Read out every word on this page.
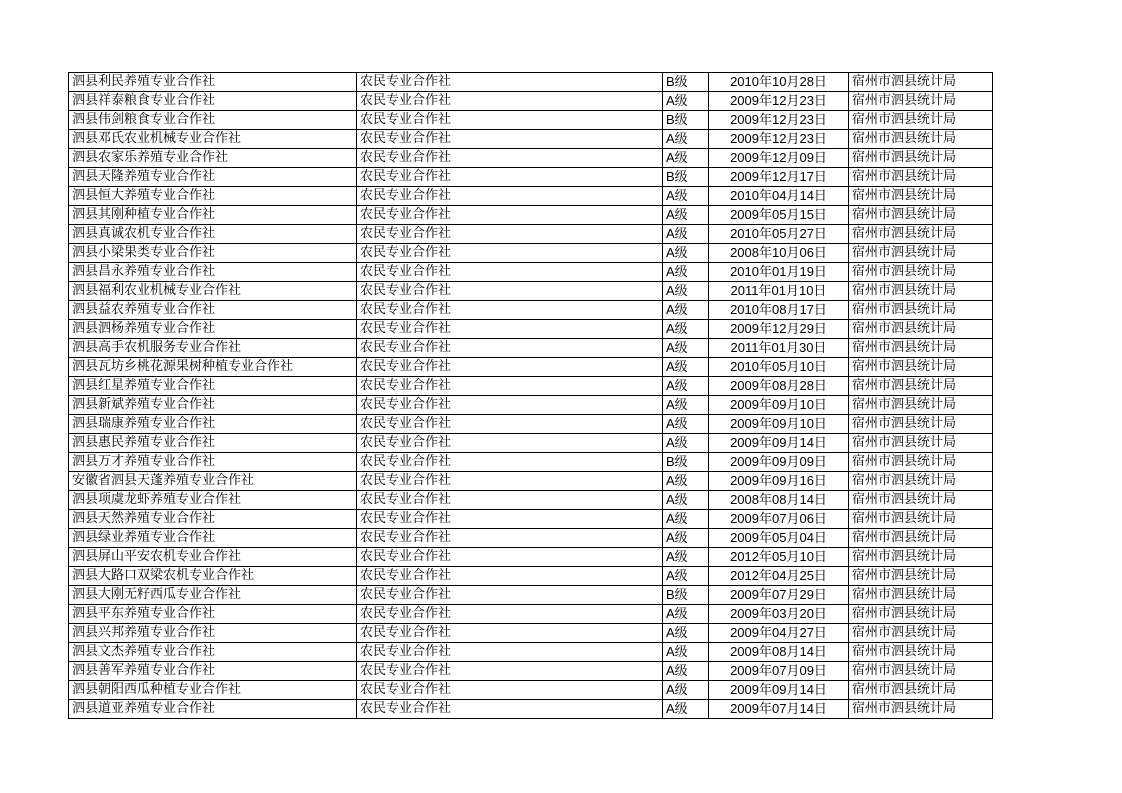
泗县利民养殖专业合作社	农民专业合作社	B级	2010年10月28日	宿州市泗县统计局
泗县祥泰粮食专业合作社	农民专业合作社	A级	2009年12月23日	宿州市泗县统计局
泗县伟剑粮食专业合作社	农民专业合作社	B级	2009年12月23日	宿州市泗县统计局
泗县邓氏农业机械专业合作社	农民专业合作社	A级	2009年12月23日	宿州市泗县统计局
泗县农家乐养殖专业合作社	农民专业合作社	A级	2009年12月09日	宿州市泗县统计局
泗县天隆养殖专业合作社	农民专业合作社	B级	2009年12月17日	宿州市泗县统计局
泗县恒大养殖专业合作社	农民专业合作社	A级	2010年04月14日	宿州市泗县统计局
泗县其刚种植专业合作社	农民专业合作社	A级	2009年05月15日	宿州市泗县统计局
泗县真诚农机专业合作社	农民专业合作社	A级	2010年05月27日	宿州市泗县统计局
泗县小梁果类专业合作社	农民专业合作社	A级	2008年10月06日	宿州市泗县统计局
泗县昌永养殖专业合作社	农民专业合作社	A级	2010年01月19日	宿州市泗县统计局
泗县福利农业机械专业合作社	农民专业合作社	A级	2011年01月10日	宿州市泗县统计局
泗县益农养殖专业合作社	农民专业合作社	A级	2010年08月17日	宿州市泗县统计局
泗县泗杨养殖专业合作社	农民专业合作社	A级	2009年12月29日	宿州市泗县统计局
泗县高手农机服务专业合作社	农民专业合作社	A级	2011年01月30日	宿州市泗县统计局
泗县瓦坊乡桃花源果树种植专业合作社	农民专业合作社	A级	2010年05月10日	宿州市泗县统计局
泗县红星养殖专业合作社	农民专业合作社	A级	2009年08月28日	宿州市泗县统计局
泗县新斌养殖专业合作社	农民专业合作社	A级	2009年09月10日	宿州市泗县统计局
泗县瑞康养殖专业合作社	农民专业合作社	A级	2009年09月10日	宿州市泗县统计局
泗县惠民养殖专业合作社	农民专业合作社	A级	2009年09月14日	宿州市泗县统计局
泗县万才养殖专业合作社	农民专业合作社	B级	2009年09月09日	宿州市泗县统计局
安徽省泗县天蓬养殖专业合作社	农民专业合作社	A级	2009年09月16日	宿州市泗县统计局
泗县项虞龙虾养殖专业合作社	农民专业合作社	A级	2008年08月14日	宿州市泗县统计局
泗县天然养殖专业合作社	农民专业合作社	A级	2009年07月06日	宿州市泗县统计局
泗县绿业养殖专业合作社	农民专业合作社	A级	2009年05月04日	宿州市泗县统计局
泗县屏山平安农机专业合作社	农民专业合作社	A级	2012年05月10日	宿州市泗县统计局
泗县大路口双梁农机专业合作社	农民专业合作社	A级	2012年04月25日	宿州市泗县统计局
泗县大刚无籽西瓜专业合作社	农民专业合作社	B级	2009年07月29日	宿州市泗县统计局
泗县平东养殖专业合作社	农民专业合作社	A级	2009年03月20日	宿州市泗县统计局
泗县兴邦养殖专业合作社	农民专业合作社	A级	2009年04月27日	宿州市泗县统计局
泗县文杰养殖专业合作社	农民专业合作社	A级	2009年08月14日	宿州市泗县统计局
泗县善军养殖专业合作社	农民专业合作社	A级	2009年07月09日	宿州市泗县统计局
泗县朝阳西瓜种植专业合作社	农民专业合作社	A级	2009年09月14日	宿州市泗县统计局
泗县道亚养殖专业合作社	农民专业合作社	A级	2009年07月14日	宿州市泗县统计局
